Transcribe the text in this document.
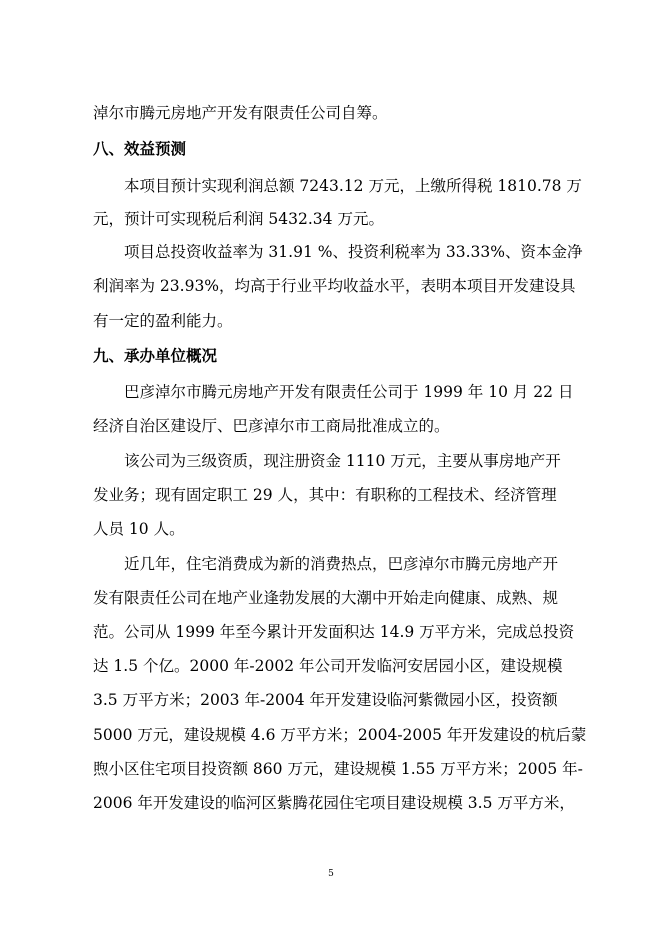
淖尔市腾元房地产开发有限责任公司自筹。
八、效益预测
本项目预计实现利润总额 7243.12 万元，上缴所得税 1810.78 万
元，预计可实现税后利润 5432.34 万元。
项目总投资收益率为 31.91 %、投资利税率为 33.33%、资本金净
利润率为 23.93%，均高于行业平均收益水平，表明本项目开发建设具
有一定的盈利能力。
九、承办单位概况
巴彦淖尔市腾元房地产开发有限责任公司于 1999 年 10 月 22 日
经济自治区建设厅、巴彦淖尔市工商局批准成立的。
该公司为三级资质，现注册资金 1110 万元，主要从事房地产开
发业务；现有固定职工 29 人，其中：有职称的工程技术、经济管理
人员 10 人。
近几年，住宅消费成为新的消费热点，巴彦淖尔市腾元房地产开
发有限责任公司在地产业逢勃发展的大潮中开始走向健康、成熟、规
范。公司从 1999 年至今累计开发面积达 14.9 万平方米，完成总投资
达 1.5 个亿。2000 年-2002 年公司开发临河安居园小区，建设规模
3.5 万平方米；2003 年-2004 年开发建设临河紫微园小区，投资额
5000 万元，建设规模 4.6 万平方米；2004-2005 年开发建设的杭后蒙
煦小区住宅项目投资额 860 万元，建设规模 1.55 万平方米；2005 年-
2006 年开发建设的临河区紫腾花园住宅项目建设规模 3.5 万平方米，
5
